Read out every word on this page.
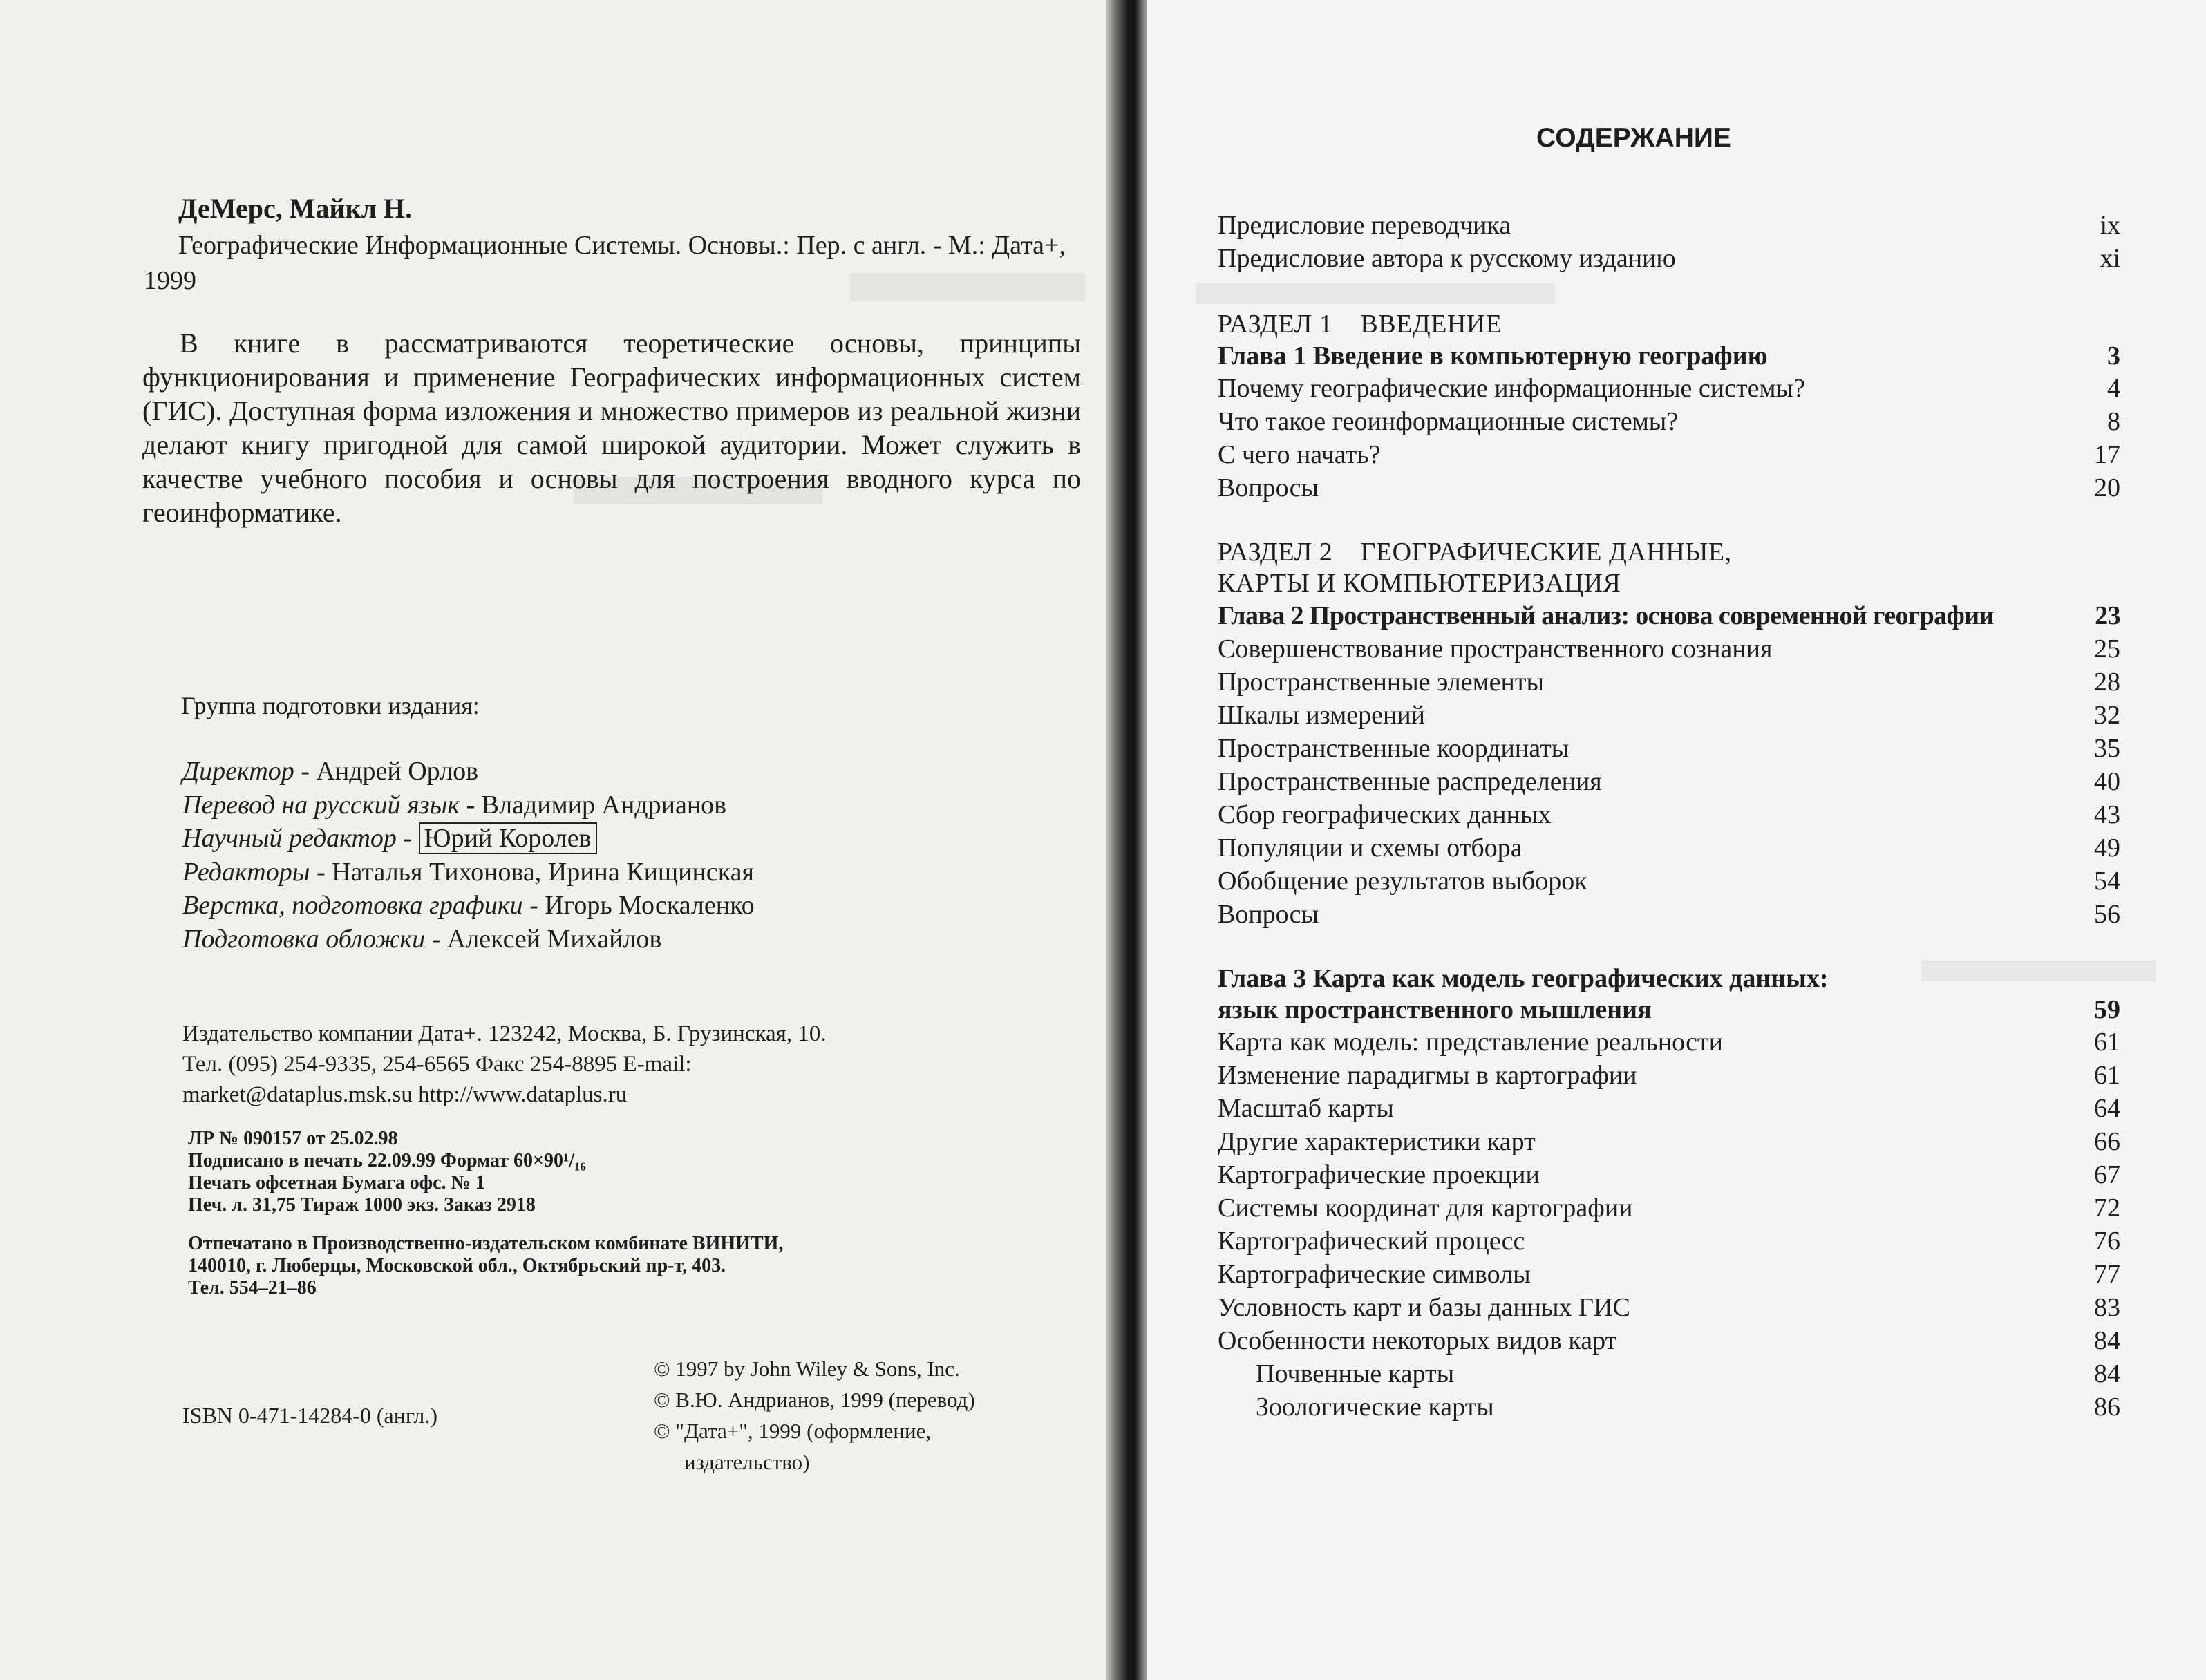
ДеМерс, Майкл Н.

Географические Информационные Системы. Основы.: Пер. с англ. - М.: Дата+, 1999

В книге в рассматриваются теоретические основы, принципы функционирования и применение Географических информационных систем (ГИС). Доступная форма изложения и множество примеров из реальной жизни делают книгу пригодной для самой широкой аудитории. Может служить в качестве учебного пособия и основы для построения вводного курса по геоинформатике.

Группа подготовки издания:

Директор - Андрей Орлов
Перевод на русский язык - Владимир Андрианов
Научный редактор - Юрий Королев
Редакторы - Наталья Тихонова, Ирина Кищинская
Верстка, подготовка графики - Игорь Москаленко
Подготовка обложки - Алексей Михайлов
Издательство компании Дата+. 123242, Москва, Б. Грузинская, 10.
Тел. (095) 254-9335, 254-6565 Факс 254-8895 E-mail:
market@dataplus.msk.su http://www.dataplus.ru
ЛР № 090157 от 25.02.98
Подписано в печать 22.09.99 Формат 60×90¹/₁₆
Печать офсетная Бумага офс. № 1
Печ. л. 31,75 Тираж 1000 экз. Заказ 2918
Отпечатано в Производственно-издательском комбинате ВИНИТИ,
140010, г. Люберцы, Московской обл., Октябрьский пр-т, 403.
Тел. 554–21–86

ISBN 0-471-14284-0 (англ.)

© 1997 by John Wiley & Sons, Inc.
© В.Ю. Андрианов, 1999 (перевод)
© "Дата+", 1999 (оформление,
издательство)

СОДЕРЖАНИЕ

Предисловие переводчика	ix
Предисловие автора к русскому изданию	xi
РАЗДЕЛ 1    ВВЕДЕНИЕ
Глава 1 Введение в компьютерную географию	3
Почему географические информационные системы?	4
Что такое геоинформационные системы?	8
С чего начать?	17
Вопросы	20
РАЗДЕЛ 2    ГЕОГРАФИЧЕСКИЕ ДАННЫЕ,
КАРТЫ И КОМПЬЮТЕРИЗАЦИЯ
Глава 2 Пространственный анализ: основа современной географии	23
Совершенствование пространственного сознания	25
Пространственные элементы	28
Шкалы измерений	32
Пространственные координаты	35
Пространственные распределения	40
Сбор географических данных	43
Популяции и схемы отбора	49
Обобщение результатов выборок	54
Вопросы	56
Глава 3 Карта как модель географических данных:
язык пространственного мышления	59
Карта как модель: представление реальности	61
Изменение парадигмы в картографии	61
Масштаб карты	64
Другие характеристики карт	66
Картографические проекции	67
Системы координат для картографии	72
Картографический процесс	76
Картографические символы	77
Условность карт и базы данных ГИС	83
Особенности некоторых видов карт	84
Почвенные карты	84
Зоологические карты	86
